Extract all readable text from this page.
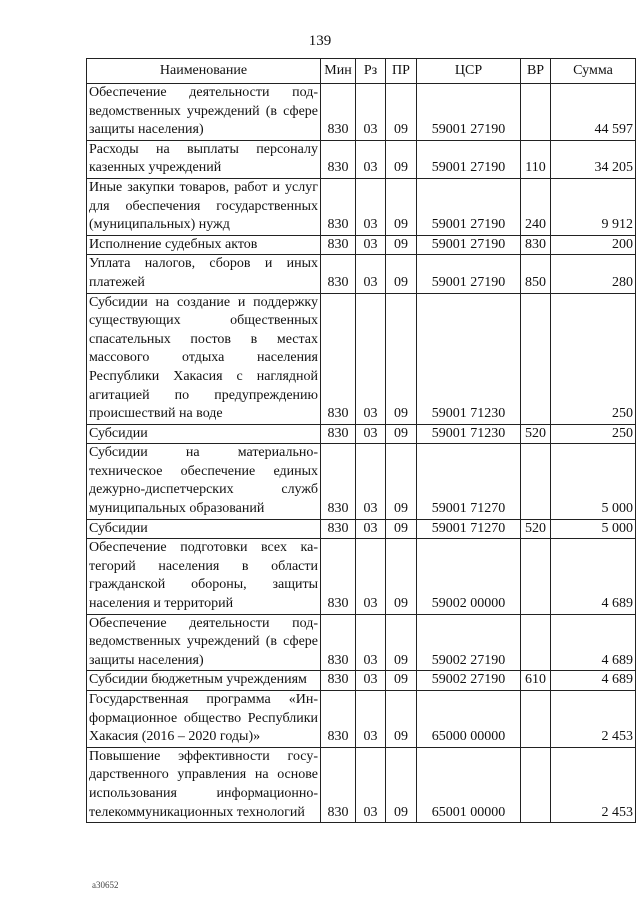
139
Наименование	Мин	Рз	ПР	ЦСР	ВР	Сумма
Обеспечение деятельности подведомственных учреждений (в сфере защиты населения)	830	03	09	59001 27190		44 597
Расходы на выплаты персоналу казенных учреждений	830	03	09	59001 27190	110	34 205
Иные закупки товаров, работ и услуг для обеспечения государственных (муниципальных) нужд	830	03	09	59001 27190	240	9 912
Исполнение судебных актов	830	03	09	59001 27190	830	200
Уплата налогов, сборов и иных платежей	830	03	09	59001 27190	850	280
Субсидии на создание и поддержку существующих общественных спасательных постов в местах массового отдыха населения Республики Хакасия с наглядной агитацией по предупреждению происшествий на воде	830	03	09	59001 71230		250
Субсидии	830	03	09	59001 71230	520	250
Субсидии на материально-техническое обеспечение единых дежурно-диспетчерских служб муниципальных образований	830	03	09	59001 71270		5 000
Субсидии	830	03	09	59001 71270	520	5 000
Обеспечение подготовки всех категорий населения в области гражданской обороны, защиты населения и территорий	830	03	09	59002 00000		4 689
Обеспечение деятельности подведомственных учреждений (в сфере защиты населения)	830	03	09	59002 27190		4 689
Субсидии бюджетным учреждениям	830	03	09	59002 27190	610	4 689
Государственная программа «Информационное общество Республики Хакасия (2016 – 2020 годы)»	830	03	09	65000 00000		2 453
Повышение эффективности государственного управления на основе использования информационно-телекоммуникационных технологий	830	03	09	65001 00000		2 453
а30652
